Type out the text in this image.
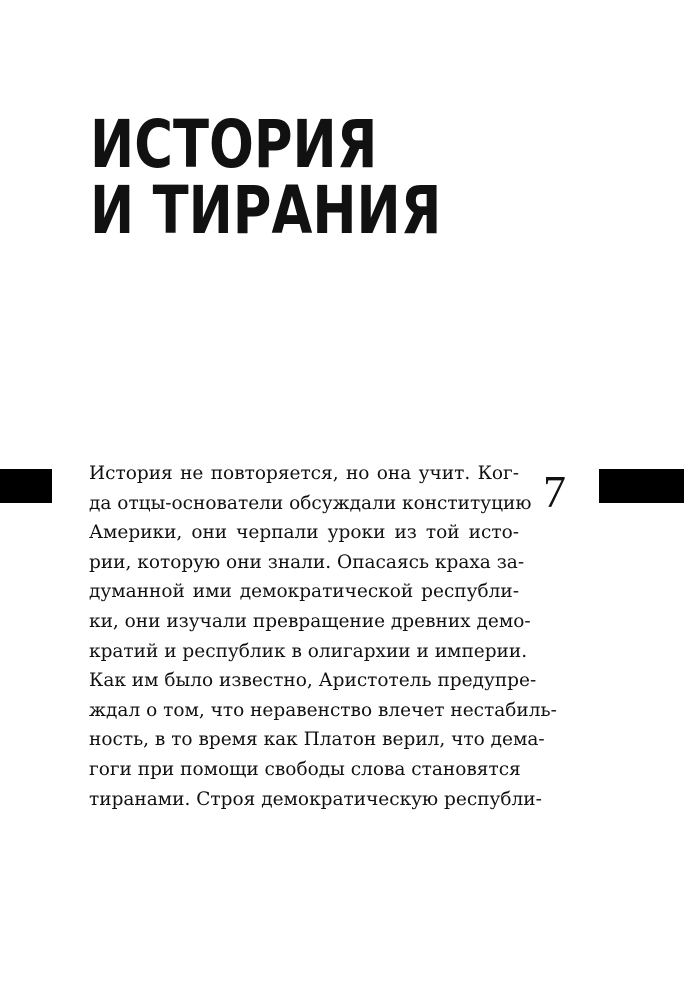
ИСТОРИЯ
И ТИРАНИЯ
7
История не повторяется, но она учит. Ког-
да отцы-основатели обсуждали конституцию
Америки, они черпали уроки из той исто-
рии, которую они знали. Опасаясь краха за-
думанной ими демократической республи-
ки, они изучали превращение древних демо-
кратий и республик в олигархии и империи.
Как им было известно, Аристотель предупре-
ждал о том, что неравенство влечет нестабиль-
ность, в то время как Платон верил, что дема-
гоги при помощи свободы слова становятся
тиранами. Строя демократическую республи-
